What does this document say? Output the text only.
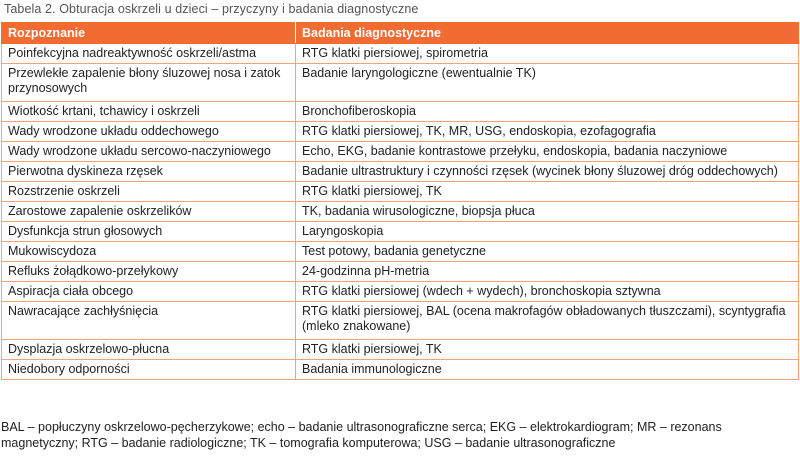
Tabela 2. Obturacja oskrzeli u dzieci – przyczyny i badania diagnostyczne
Rozpoznanie	Badania diagnostyczne
Poinfekcyjna nadreaktywność oskrzeli/astma	RTG klatki piersiowej, spirometria
Przewlekłe zapalenie błony śluzowej nosa i zatok przynosowych	Badanie laryngologiczne (ewentualnie TK)
Wiotkość krtani, tchawicy i oskrzeli	Bronchofiberoskopia
Wady wrodzone układu oddechowego	RTG klatki piersiowej, TK, MR, USG, endoskopia, ezofagografia
Wady wrodzone układu sercowo-naczyniowego	Echo, EKG, badanie kontrastowe przełyku, endoskopia, badania naczyniowe
Pierwotna dyskineza rzęsek	Badanie ultrastruktury i czynności rzęsek (wycinek błony śluzowej dróg oddechowych)
Rozstrzenie oskrzeli	RTG klatki piersiowej, TK
Zarostowe zapalenie oskrzelików	TK, badania wirusologiczne, biopsja płuca
Dysfunkcja strun głosowych	Laryngoskopia
Mukowiscydoza	Test potowy, badania genetyczne
Refluks żołądkowo-przełykowy	24-godzinna pH-metria
Aspiracja ciała obcego	RTG klatki piersiowej (wdech + wydech), bronchoskopia sztywna
Nawracające zachłyśnięcia	RTG klatki piersiowej, BAL (ocena makrofagów obładowanych tłuszczami), scyntygrafia (mleko znakowane)
Dysplazja oskrzelowo-płucna	RTG klatki piersiowej, TK
Niedobory odporności	Badania immunologiczne
BAL – popłuczyny oskrzelowo-pęcherzykowe; echo – badanie ultrasonograficzne serca; EKG – elektrokardiogram; MR – rezonans magnetyczny; RTG – badanie radiologiczne; TK – tomografia komputerowa; USG – badanie ultrasonograficzne
